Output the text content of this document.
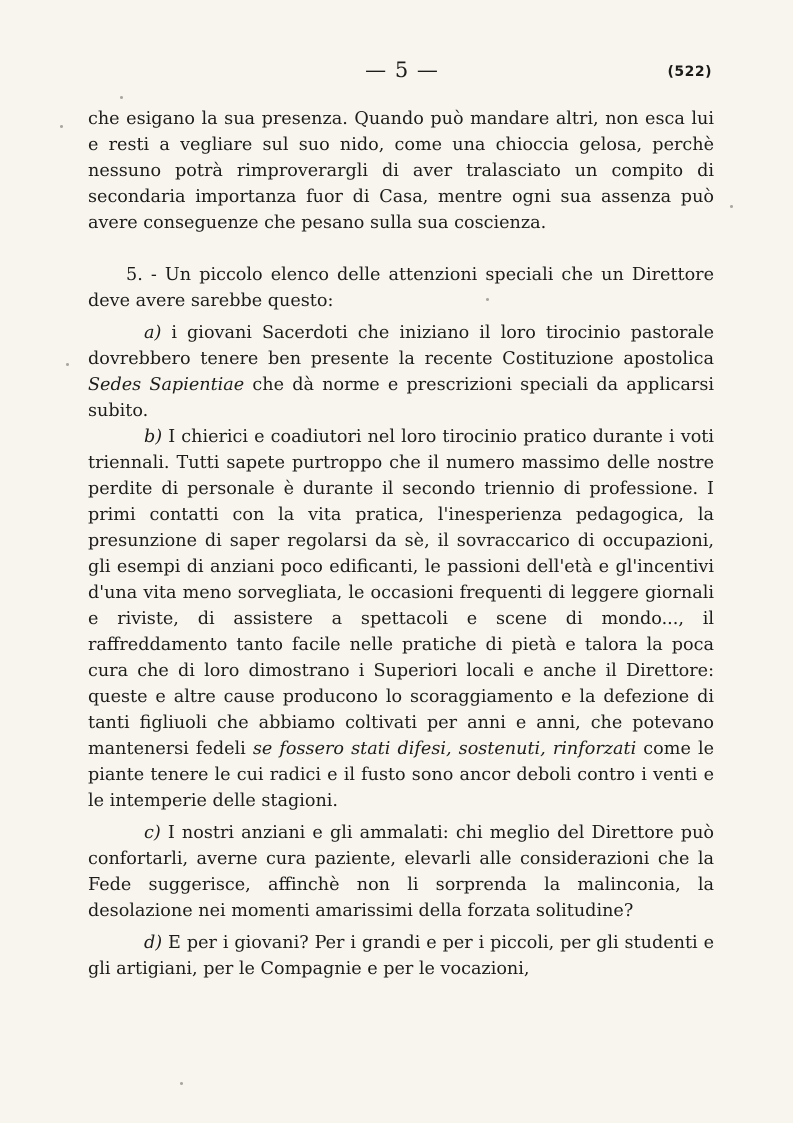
— 5 —	(522)

che esigano la sua presenza. Quando può mandare altri, non esca lui e resti a vegliare sul suo nido, come una chioccia gelosa, perchè nessuno potrà rimproverargli di aver tralasciato un compito di secondaria importanza fuor di Casa, mentre ogni sua assenza può avere conseguenze che pesano sulla sua coscienza.

5. - Un piccolo elenco delle attenzioni speciali che un Direttore deve avere sarebbe questo:

a) i giovani Sacerdoti che iniziano il loro tirocinio pastorale dovrebbero tenere ben presente la recente Costituzione apostolica Sedes Sapientiae che dà norme e prescrizioni speciali da applicarsi subito.

b) I chierici e coadiutori nel loro tirocinio pratico durante i voti triennali. Tutti sapete purtroppo che il numero massimo delle nostre perdite di personale è durante il secondo triennio di professione. I primi contatti con la vita pratica, l'inesperienza pedagogica, la presunzione di saper regolarsi da sè, il sovraccarico di occupazioni, gli esempi di anziani poco edificanti, le passioni dell'età e gl'incentivi d'una vita meno sorvegliata, le occasioni frequenti di leggere giornali e riviste, di assistere a spettacoli e scene di mondo..., il raffreddamento tanto facile nelle pratiche di pietà e talora la poca cura che di loro dimostrano i Superiori locali e anche il Direttore: queste e altre cause producono lo scoraggiamento e la defezione di tanti figliuoli che abbiamo coltivati per anni e anni, che potevano mantenersi fedeli se fossero stati difesi, sostenuti, rinforzati come le piante tenere le cui radici e il fusto sono ancor deboli contro i venti e le intemperie delle stagioni.

c) I nostri anziani e gli ammalati: chi meglio del Direttore può confortarli, averne cura paziente, elevarli alle considerazioni che la Fede suggerisce, affinchè non li sorprenda la malinconia, la desolazione nei momenti amarissimi della forzata solitudine?

d) E per i giovani? Per i grandi e per i piccoli, per gli studenti e gli artigiani, per le Compagnie e per le vocazioni,
